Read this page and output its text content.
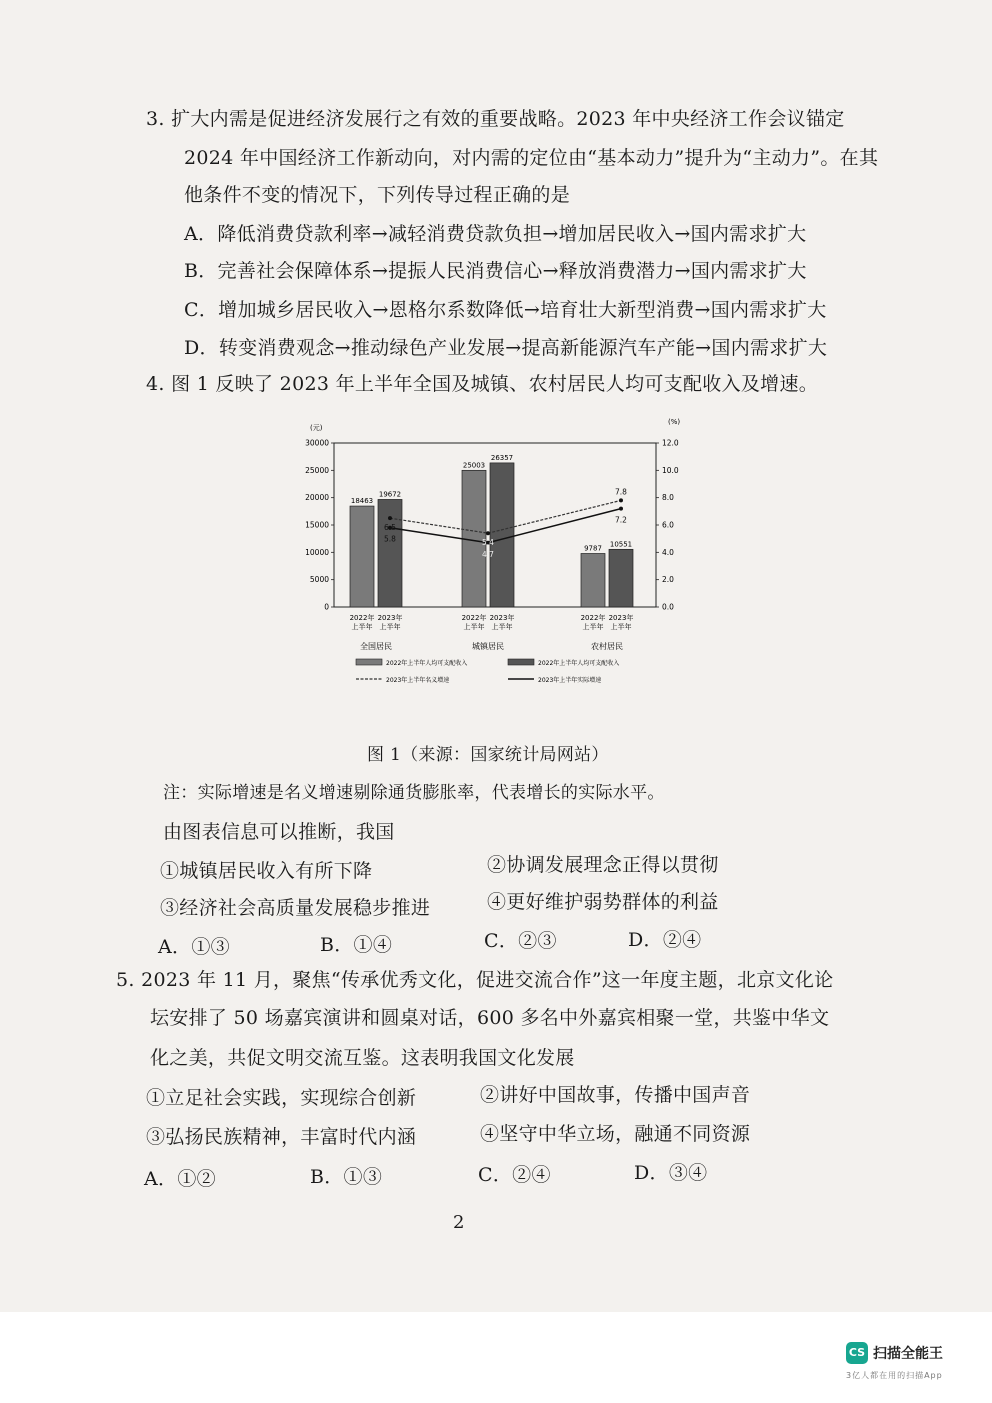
3. 扩大内需是促进经济发展行之有效的重要战略。2023 年中央经济工作会议锚定
2024 年中国经济工作新动向，对内需的定位由“基本动力”提升为“主动力”。在其
他条件不变的情况下，下列传导过程正确的是
A．降低消费贷款利率→减轻消费贷款负担→增加居民收入→国内需求扩大
B．完善社会保障体系→提振人民消费信心→释放消费潜力→国内需求扩大
C．增加城乡居民收入→恩格尔系数降低→培育壮大新型消费→国内需求扩大
D．转变消费观念→推动绿色产业发展→提高新能源汽车产能→国内需求扩大
4. 图 1 反映了 2023 年上半年全国及城镇、农村居民人均可支配收入及增速。
(元)
(%)
0
5000
10000
15000
20000
25000
30000
0.0
2.0
4.0
6.0
8.0
10.0
12.0
18463
19672
25003
26357
9787
10551
6.5
5.4
7.8
5.8
4.7
7.2
2022年
上半年
2023年
上半年
全国居民
2022年
上半年
2023年
上半年
城镇居民
2022年
上半年
2023年
上半年
农村居民
2022年上半年人均可支配收入	2022年上半年人均可支配收入
2023年上半年名义增速	2023年上半年实际增速
图 1（来源：国家统计局网站）
注：实际增速是名义增速剔除通货膨胀率，代表增长的实际水平。
由图表信息可以推断，我国
①城镇居民收入有所下降	②协调发展理念正得以贯彻
③经济社会高质量发展稳步推进	④更好维护弱势群体的利益
A．①③	B．①④	C．②③	D．②④
5. 2023 年 11 月，聚焦“传承优秀文化，促进交流合作”这一年度主题，北京文化论
坛安排了 50 场嘉宾演讲和圆桌对话，600 多名中外嘉宾相聚一堂，共鉴中华文
化之美，共促文明交流互鉴。这表明我国文化发展
①立足社会实践，实现综合创新	②讲好中国故事，传播中国声音
③弘扬民族精神，丰富时代内涵	④坚守中华立场，融通不同资源
A．①②	B．①③	C．②④	D．③④
2
CS 扫描全能王
3亿人都在用的扫描App
